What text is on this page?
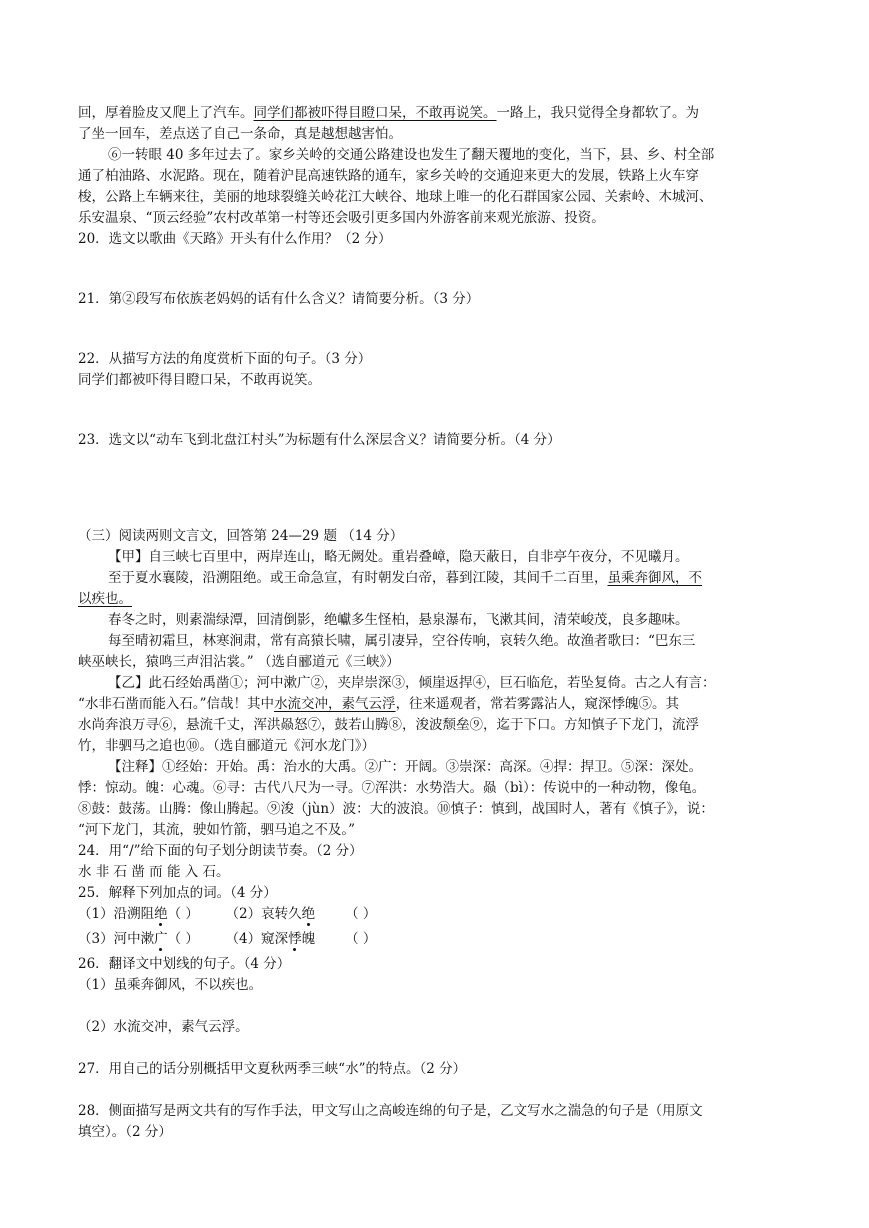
回，厚着脸皮又爬上了汽车。同学们都被吓得目瞪口呆，不敢再说笑。一路上，我只觉得全身都软了。为
了坐一回车，差点送了自己一条命，真是越想越害怕。
⑥一转眼 40 多年过去了。家乡关岭的交通公路建设也发生了翻天覆地的变化，当下，县、乡、村全部
通了柏油路、水泥路。现在，随着沪昆高速铁路的通车，家乡关岭的交通迎来更大的发展，铁路上火车穿
梭，公路上车辆来往，美丽的地球裂缝关岭花江大峡谷、地球上唯一的化石群国家公园、关索岭、木城河、
乐安温泉、“顶云经验”农村改革第一村等还会吸引更多国内外游客前来观光旅游、投资。
20．选文以歌曲《天路》开头有什么作用？（2 分）
21．第②段写布依族老妈妈的话有什么含义？请简要分析。（3 分）
22．从描写方法的角度赏析下面的句子。（3 分）
同学们都被吓得目瞪口呆，不敢再说笑。
23．选文以“动车飞到北盘江村头”为标题有什么深层含义？请简要分析。（4 分）
（三）阅读两则文言文，回答第 24—29 题 （14 分）
【甲】自三峡七百里中，两岸连山，略无阙处。重岩叠嶂，隐天蔽日，自非亭午夜分，不见曦月。
至于夏水襄陵，沿溯阻绝。或王命急宣，有时朝发白帝，暮到江陵，其间千二百里，虽乘奔御风，不
以疾也。
春冬之时，则素湍绿潭，回清倒影，绝巘多生怪柏，悬泉瀑布，飞漱其间，清荣峻茂，良多趣味。
每至晴初霜旦，林寒涧肃，常有高猿长啸，属引凄异，空谷传响，哀转久绝。故渔者歌曰：“巴东三
峡巫峡长，猿鸣三声泪沾裳。” （选自郦道元《三峡》）
【乙】此石经始禹凿①；河中漱广②，夹岸崇深③，倾崖返捍④，巨石临危，若坠复倚。古之人有言：
“水非石凿而能入石。”信哉！其中水流交冲，素气云浮，往来遥观者，常若雾露沾人，窥深悸魄⑤。其
水尚奔浪万寻⑥，悬流千丈，浑洪赑怒⑦，鼓若山腾⑧，浚波颓垒⑨，迄于下口。方知慎子下龙门，流浮
竹，非驷马之追也⑩。（选自郦道元《河水龙门》）
【注释】①经始：开始。禹：治水的大禹。②广：开阔。③崇深：高深。④捍：捍卫。⑤深：深处。
悸：惊动。魄：心魂。⑥寻：古代八尺为一寻。⑦浑洪：水势浩大。赑（bì）：传说中的一种动物，像龟。
⑧鼓：鼓荡。山腾：像山腾起。⑨浚（jùn）波：大的波浪。⑩慎子：慎到，战国时人，著有《慎子》，说：
“河下龙门，其流，驶如竹箭，驷马追之不及。”
24．用“/”给下面的句子划分朗读节奏。（2 分）
水 非 石 凿 而 能 入 石。
25．解释下列加点的词。（4 分）
（1）沿溯阻绝（ ） （2）哀转久绝 （ ）
（3）河中漱广（ ） （4）窥深悸魄 （ ）
26．翻译文中划线的句子。（4 分）
（1）虽乘奔御风，不以疾也。
（2）水流交冲，素气云浮。
27．用自己的话分别概括甲文夏秋两季三峡“水”的特点。（2 分）
28．侧面描写是两文共有的写作手法，甲文写山之高峻连绵的句子是，乙文写水之湍急的句子是（用原文
填空）。（2 分）
